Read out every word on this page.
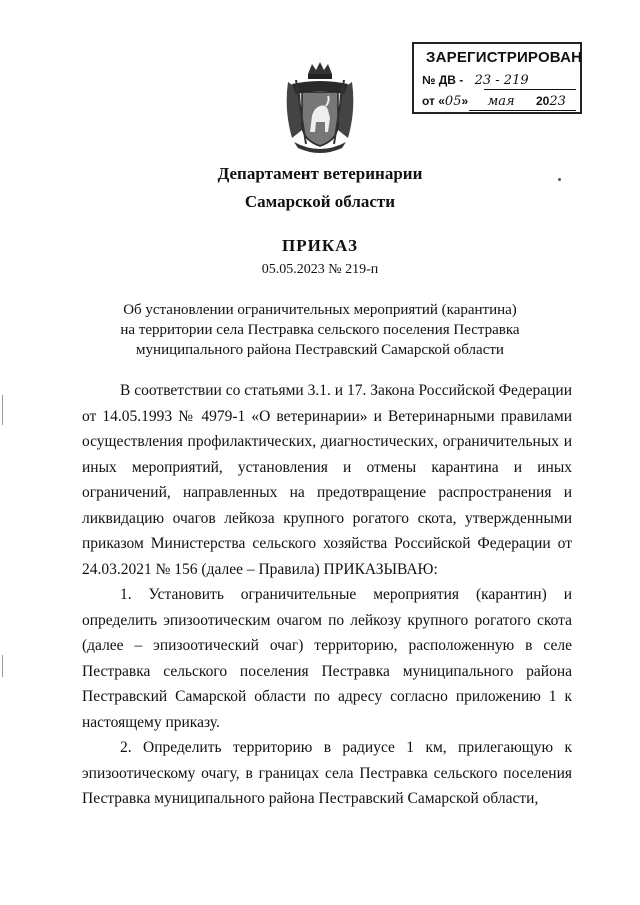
ЗАРЕГИСТРИРОВАН
№ ДВ - 23 - 219
от «05» мая 2023
Департамент ветеринарии
Самарской области
ПРИКАЗ
05.05.2023 № 219-п
Об установлении ограничительных мероприятий (карантина)
на территории села Пестравка сельского поселения Пестравка
муниципального района Пестравский Самарской области

В соответствии со статьями 3.1. и 17. Закона Российской Федерации от 14.05.1993 № 4979-1 «О ветеринарии» и Ветеринарными правилами осуществления профилактических, диагностических, ограничительных и иных мероприятий, установления и отмены карантина и иных ограничений, направленных на предотвращение распространения и ликвидацию очагов лейкоза крупного рогатого скота, утвержденными приказом Министерства сельского хозяйства Российской Федерации от 24.03.2021 № 156 (далее – Правила) ПРИКАЗЫВАЮ:

1. Установить ограничительные мероприятия (карантин) и определить эпизоотическим очагом по лейкозу крупного рогатого скота (далее – эпизоотический очаг) территорию, расположенную в селе Пестравка сельского поселения Пестравка муниципального района Пестравский Самарской области по адресу согласно приложению 1 к настоящему приказу.

2. Определить территорию в радиусе 1 км, прилегающую к эпизоотическому очагу, в границах села Пестравка сельского поселения Пестравка муниципального района Пестравский Самарской области,
